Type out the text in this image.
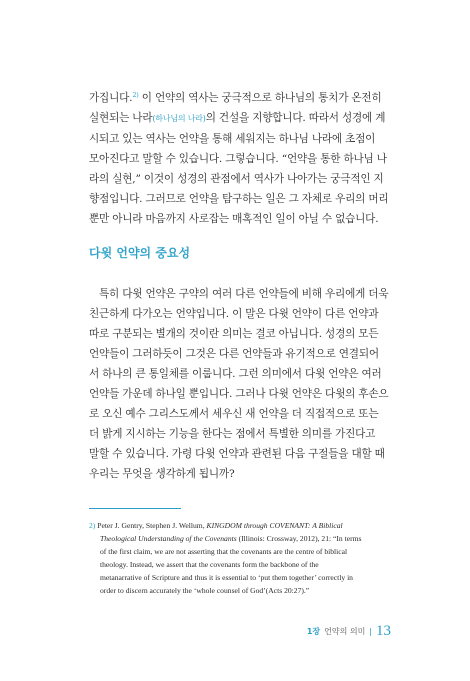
가집니다.$^{2)}$ 이 언약의 역사는 궁극적으로 하나님의 통치가 온전히
실현되는 나라(하나님의 나라)의 건설을 지향합니다. 따라서 성경에 계
시되고 있는 역사는 언약을 통해 세워지는 하나님 나라에 초점이
모아진다고 말할 수 있습니다. 그렇습니다. “언약을 통한 하나님 나
라의 실현,” 이것이 성경의 관점에서 역사가 나아가는 궁극적인 지
향점입니다. 그러므로 언약을 탐구하는 일은 그 자체로 우리의 머리
뿐만 아니라 마음까지 사로잡는 매혹적인 일이 아닐 수 없습니다.

다윗 언약의 중요성

특히 다윗 언약은 구약의 여러 다른 언약들에 비해 우리에게 더욱
친근하게 다가오는 언약입니다. 이 말은 다윗 언약이 다른 언약과
따로 구분되는 별개의 것이란 의미는 결코 아닙니다. 성경의 모든
언약들이 그러하듯이 그것은 다른 언약들과 유기적으로 연결되어
서 하나의 큰 통일체를 이룹니다. 그런 의미에서 다윗 언약은 여러
언약들 가운데 하나일 뿐입니다. 그러나 다윗 언약은 다윗의 후손으
로 오신 예수 그리스도께서 세우신 새 언약을 더 직접적으로 또는
더 밝게 지시하는 기능을 한다는 점에서 특별한 의미를 가진다고
말할 수 있습니다. 가령 다윗 언약과 관련된 다음 구절들을 대할 때
우리는 무엇을 생각하게 됩니까?

2) Peter J. Gentry, Stephen J. Wellum, KINGDOM through COVENANT: A Biblical
Theological Understanding of the Covenants (Illinois: Crossway, 2012), 21: “In terms
of the first claim, we are not asserting that the covenants are the centre of biblical
theology. Instead, we assert that the covenants form the backbone of the
metanarrative of Scripture and thus it is essential to ‘put them together’ correctly in
order to discern accurately the ‘whole counsel of God’(Acts 20:27).”

1장 언약의 의미 | 13
